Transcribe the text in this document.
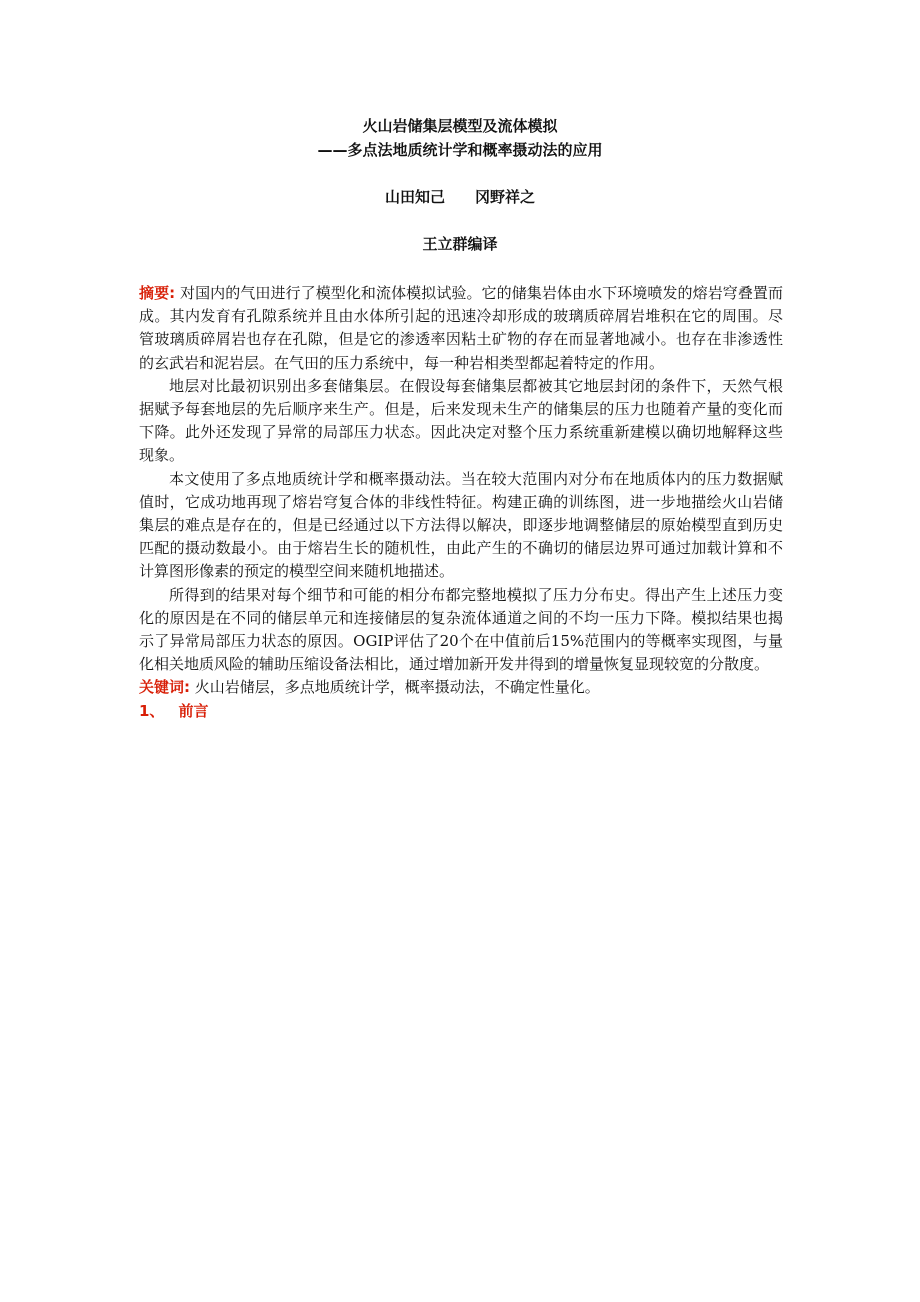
火山岩储集层模型及流体模拟
——多点法地质统计学和概率摄动法的应用
山田知己 冈野祥之
王立群编译

摘要: 对国内的气田进行了模型化和流体模拟试验。它的储集岩体由水下环境喷发的熔岩穹叠置而成。其内发育有孔隙系统并且由水体所引起的迅速冷却形成的玻璃质碎屑岩堆积在它的周围。尽管玻璃质碎屑岩也存在孔隙，但是它的渗透率因粘土矿物的存在而显著地减小。也存在非渗透性的玄武岩和泥岩层。在气田的压力系统中，每一种岩相类型都起着特定的作用。

地层对比最初识别出多套储集层。在假设每套储集层都被其它地层封闭的条件下，天然气根据赋予每套地层的先后顺序来生产。但是，后来发现未生产的储集层的压力也随着产量的变化而下降。此外还发现了异常的局部压力状态。因此决定对整个压力系统重新建模以确切地解释这些现象。

本文使用了多点地质统计学和概率摄动法。当在较大范围内对分布在地质体内的压力数据赋值时，它成功地再现了熔岩穹复合体的非线性特征。构建正确的训练图，进一步地描绘火山岩储集层的难点是存在的，但是已经通过以下方法得以解决，即逐步地调整储层的原始模型直到历史匹配的摄动数最小。由于熔岩生长的随机性，由此产生的不确切的储层边界可通过加载计算和不计算图形像素的预定的模型空间来随机地描述。

所得到的结果对每个细节和可能的相分布都完整地模拟了压力分布史。得出产生上述压力变化的原因是在不同的储层单元和连接储层的复杂流体通道之间的不均一压力下降。模拟结果也揭示了异常局部压力状态的原因。OGIP评估了20个在中值前后15%范围内的等概率实现图，与量化相关地质风险的辅助压缩设备法相比，通过增加新开发井得到的增量恢复显现较宽的分散度。

关键词: 火山岩储层，多点地质统计学，概率摄动法，不确定性量化。

1、 前言
